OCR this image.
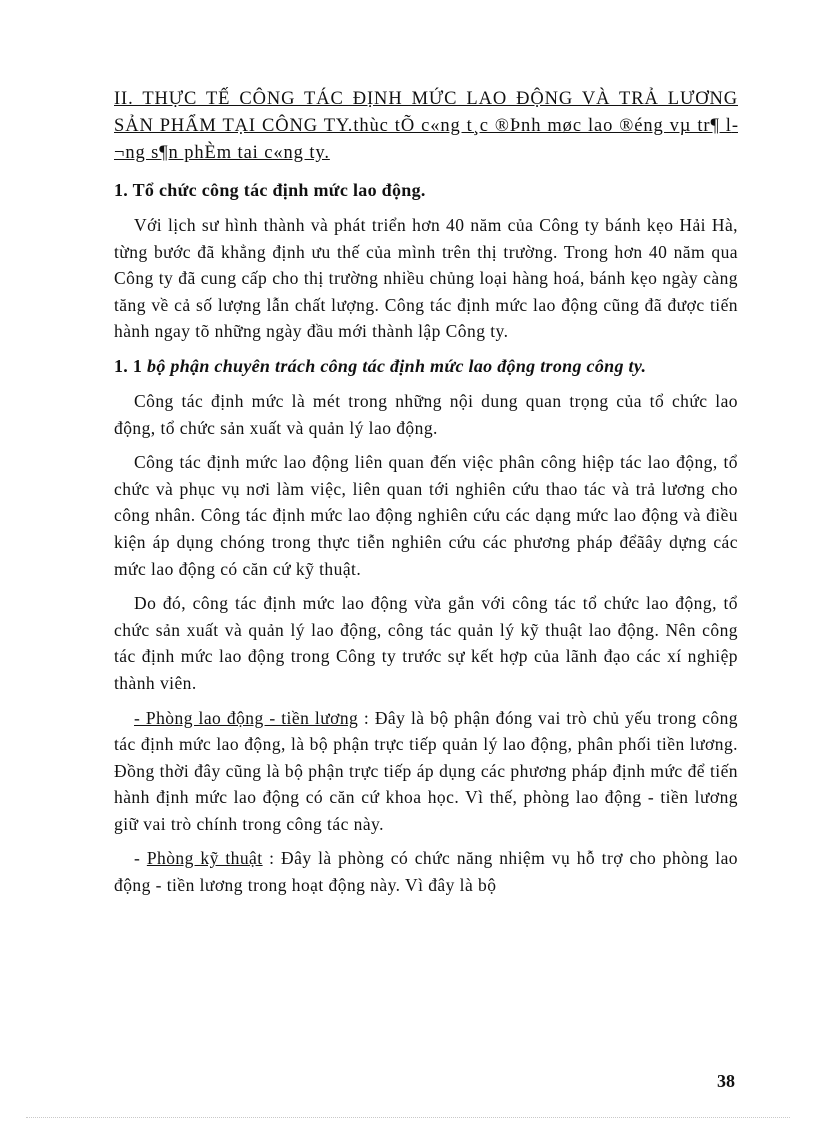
II. THỰC TẾ CÔNG TÁC ĐỊNH MỨC LAO ĐỘNG VÀ TRẢ LƯƠNG SẢN PHẨM TẠI CÔNG TY.thùc tÕ c«ng t¸c ®Þnh møc lao ®éng vµ tr¶ l¬ng s¶n phÈm tai c«ng ty.

1. Tổ chức công tác định mức lao động.

Với lịch sư hình thành và phát triển hơn 40 năm của Công ty bánh kẹo Hải Hà, từng bước đã khẳng định ưu thế của mình trên thị trường. Trong hơn 40 năm qua Công ty đã cung cấp cho thị trường nhiều chủng loại hàng hoá, bánh kẹo ngày càng tăng về cả số lượng lẫn chất lượng. Công tác định mức lao động cũng đã được tiến hành ngay tõ những ngày đầu mới thành lập Công ty.

1. 1 bộ phận chuyên trách công tác định mức lao động trong công ty.

Công tác định mức là mét trong những nội dung quan trọng của tổ chức lao động, tổ chức sản xuất và quản lý lao động.

Công tác định mức lao động liên quan đến việc phân công hiệp tác lao động, tổ chức và phục vụ nơi làm việc, liên quan tới nghiên cứu thao tác và trả lương cho công nhân. Công tác định mức lao động nghiên cứu các dạng mức lao động và điều kiện áp dụng chóng trong thực tiễn nghiên cứu các phương pháp đểãây dựng các mức lao động có căn cứ kỹ thuật.

Do đó, công tác định mức lao động vừa gắn với công tác tổ chức lao động, tổ chức sản xuất và quản lý lao động, công tác quản lý kỹ thuật lao động. Nên công tác định mức lao động trong Công ty trước sự kết hợp của lãnh đạo các xí nghiệp thành viên.

- Phòng lao động - tiền lương : Đây là bộ phận đóng vai trò chủ yếu trong công tác định mức lao động, là bộ phận trực tiếp quản lý lao động, phân phối tiền lương. Đồng thời đây cũng là bộ phận trực tiếp áp dụng các phương pháp định mức để tiến hành định mức lao động có căn cứ khoa học. Vì thế, phòng lao động - tiền lương giữ vai trò chính trong công tác này.

- Phòng kỹ thuật : Đây là phòng có chức năng nhiệm vụ hỗ trợ cho phòng lao động - tiền lương trong hoạt động này. Vì đây là bộ

38
